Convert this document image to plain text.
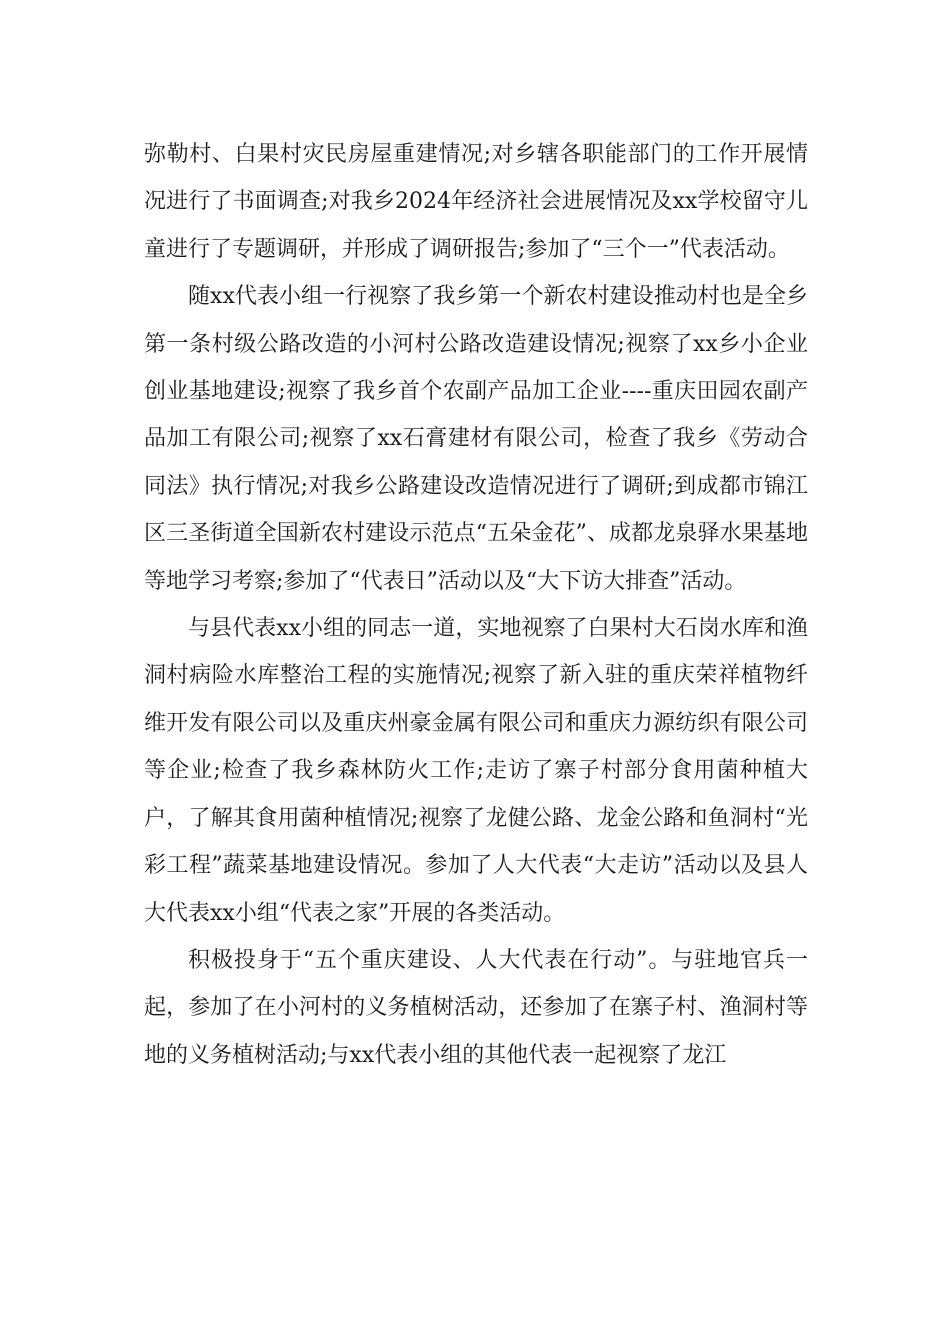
弥勒村、白果村灾民房屋重建情况;对乡辖各职能部门的工作开展情况进行了书面调查;对我乡2024年经济社会进展情况及xx学校留守儿童进行了专题调研，并形成了调研报告;参加了“三个一”代表活动。

随xx代表小组一行视察了我乡第一个新农村建设推动村也是全乡第一条村级公路改造的小河村公路改造建设情况;视察了xx乡小企业创业基地建设;视察了我乡首个农副产品加工企业----重庆田园农副产品加工有限公司;视察了xx石膏建材有限公司，检查了我乡《劳动合同法》执行情况;对我乡公路建设改造情况进行了调研;到成都市锦江区三圣街道全国新农村建设示范点“五朵金花”、成都龙泉驿水果基地等地学习考察;参加了“代表日”活动以及“大下访大排查”活动。

与县代表xx小组的同志一道，实地视察了白果村大石岗水库和渔洞村病险水库整治工程的实施情况;视察了新入驻的重庆荣祥植物纤维开发有限公司以及重庆州豪金属有限公司和重庆力源纺织有限公司等企业;检查了我乡森林防火工作;走访了寨子村部分食用菌种植大户，了解其食用菌种植情况;视察了龙健公路、龙金公路和鱼洞村“光彩工程”蔬菜基地建设情况。参加了人大代表“大走访”活动以及县人大代表xx小组“代表之家”开展的各类活动。

积极投身于“五个重庆建设、人大代表在行动”。与驻地官兵一起，参加了在小河村的义务植树活动，还参加了在寨子村、渔洞村等地的义务植树活动;与xx代表小组的其他代表一起视察了龙江
